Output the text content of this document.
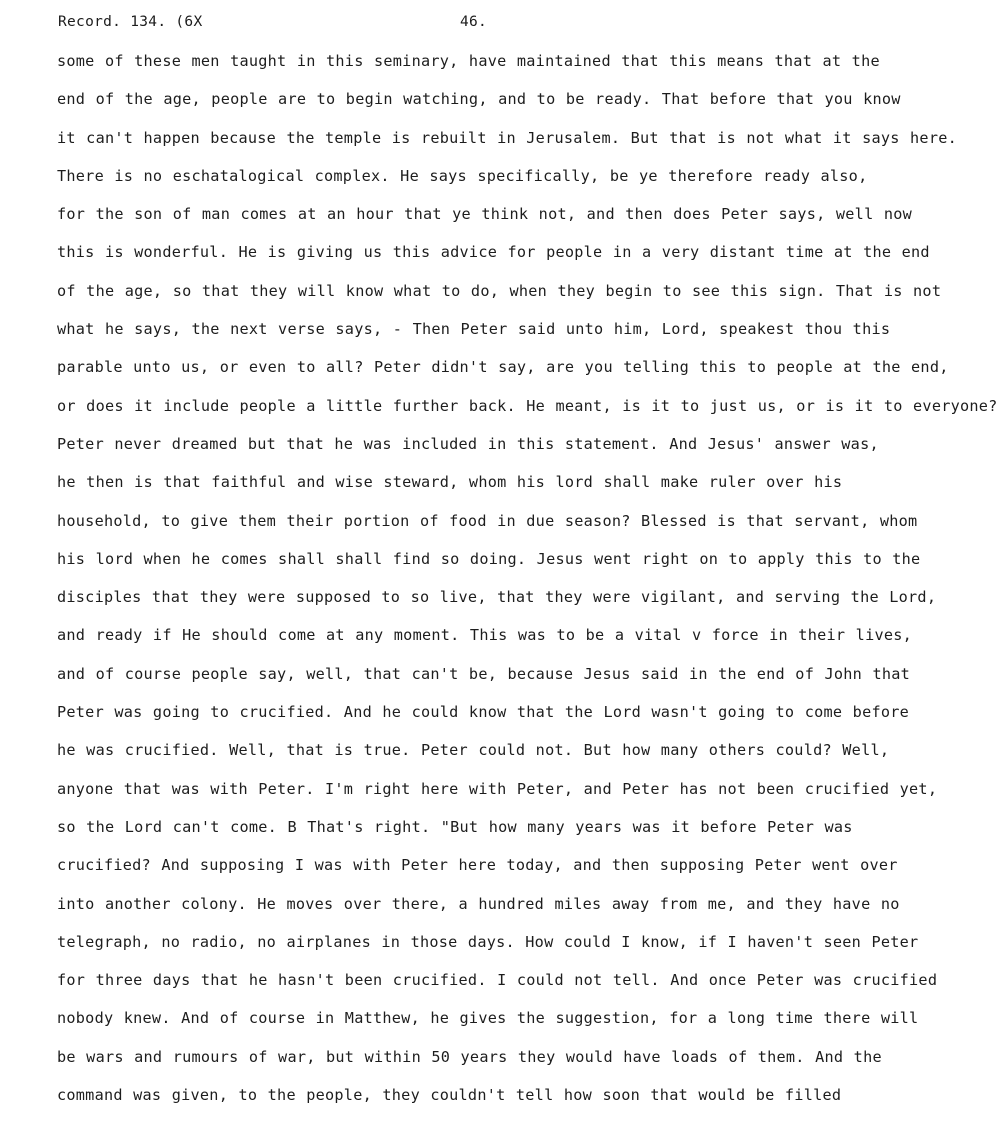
Record. 134. (6X	46.
some of these men taught in this seminary, have maintained that this means that at the
end of the age, people are to begin watching, and to be ready. That before that you know
it can't happen because the temple is rebuilt in Jerusalem. But that is not what it says here.
There is no eschatalogical complex. He says specifically, be ye therefore ready also,
for the son of man comes at an hour that ye think not, and then does Peter says, well now
this is wonderful. He is giving us this advice for people in a very distant time at the end
of the age, so that they will know what to do, when they begin to see this sign. That is not
what he says, the next verse says, - Then Peter said unto him, Lord, speakest thou this
parable unto us, or even to all? Peter didn't say, are you telling this to people at the end,
or does it include people a little further back. He meant, is it to just us, or is it to everyone?
Peter never dreamed but that he was included in this statement. And Jesus' answer was,
he then is that faithful and wise steward, whom his lord shall make ruler over his
household, to give them their portion of food in due season? Blessed is that servant, whom
his lord when he comes shall shall find so doing. Jesus went right on to apply this to the
disciples that they were supposed to so live, that they were vigilant, and serving the Lord,
and ready if He should come at any moment. This was to be a vital v force in their lives,
and of course people say, well, that can't be, because Jesus said in the end of John that
Peter was going to crucified. And he could know that the Lord wasn't going to come before
he was crucified. Well, that is true. Peter could not. But how many others could? Well,
anyone that was with Peter. I'm right here with Peter, and Peter has not been crucified yet,
so the Lord can't come. B That's right. "But how many years was it before Peter was
crucified? And supposing I was with Peter here today, and then supposing Peter went over
into another colony. He moves over there, a hundred miles away from me, and they have no
telegraph, no radio, no airplanes in those days. How could I know, if I haven't seen Peter
for three days that he hasn't been crucified. I could not tell. And once Peter was crucified
nobody knew. And of course in Matthew, he gives the suggestion, for a long time there will
be wars and rumours of war, but within 50 years they would have loads of them. And the
command was given, to the people, they couldn't tell how soon that would be filled
